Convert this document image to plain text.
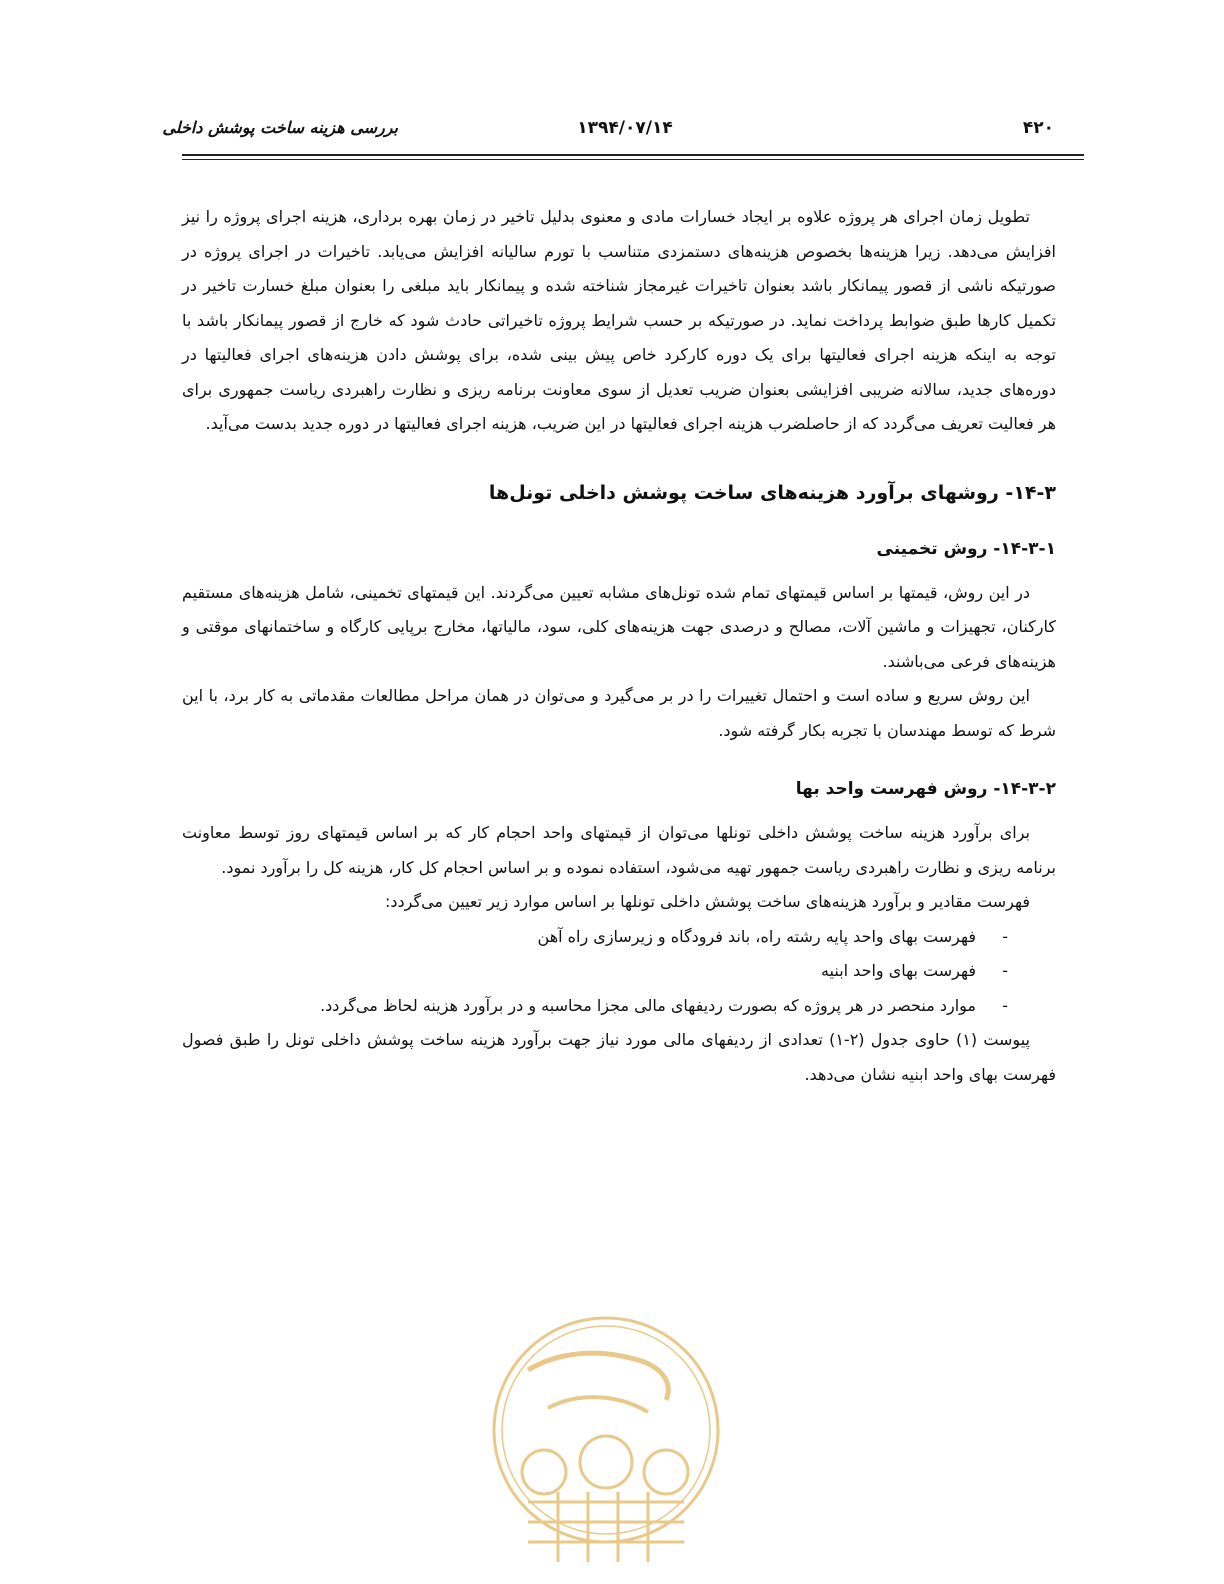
بررسی هزینه ساخت پوشش داخلی	۱۳۹۴/۰۷/۱۴	۴۲۰

تطویل زمان اجرای هر پروژه علاوه بر ایجاد خسارات مادی و معنوی بدلیل تاخیر در زمان بهره برداری، هزینه اجرای پروژه را نیز افزایش می‌دهد. زیرا هزینه‌ها بخصوص هزینه‌های دستمزدی متناسب با تورم سالیانه افزایش می‌یابد. تاخیرات در اجرای پروژه در صورتیکه ناشی از قصور پیمانکار باشد بعنوان تاخیرات غیرمجاز شناخته شده و پیمانکار باید مبلغی را بعنوان مبلغ خسارت تاخیر در تکمیل کارها طبق ضوابط پرداخت نماید. در صورتیکه بر حسب شرایط پروژه تاخیراتی حادث شود که خارج از قصور پیمانکار باشد با توجه به اینکه هزینه اجرای فعالیتها برای یک دوره کارکرد خاص پیش بینی شده، برای پوشش دادن هزینه‌های اجرای فعالیتها در دوره‌های جدید، سالانه ضریبی افزایشی بعنوان ضریب تعدیل از سوی معاونت برنامه ریزی و نظارت راهبردی ریاست جمهوری برای هر فعالیت تعریف می‌گردد که از حاصلضرب هزینه اجرای فعالیتها در این ضریب، هزینه اجرای فعالیتها در دوره جدید بدست می‌آید.

۱۴-۳- روشهای برآورد هزینه‌های ساخت پوشش داخلی تونل‌ها
۱۴-۳-۱- روش تخمینی

در این روش، قیمتها بر اساس قیمتهای تمام شده تونل‌های مشابه تعیین می‌گردند. این قیمتهای تخمینی، شامل هزینه‌های مستقیم کارکنان، تجهیزات و ماشین آلات، مصالح و درصدی جهت هزینه‌های کلی، سود، مالیاتها، مخارج برپایی کارگاه و ساختمانهای موقتی و هزینه‌های فرعی می‌باشند.

این روش سریع و ساده است و احتمال تغییرات را در بر می‌گیرد و می‌توان در همان مراحل مطالعات مقدماتی به کار برد، با این شرط که توسط مهندسان با تجربه بکار گرفته شود.

۱۴-۳-۲- روش فهرست واحد بها

برای برآورد هزینه ساخت پوشش داخلی تونلها می‌توان از قیمتهای واحد احجام کار که بر اساس قیمتهای روز توسط معاونت برنامه ریزی و نظارت راهبردی ریاست جمهور تهیه می‌شود، استفاده نموده و بر اساس احجام کل کار، هزینه کل را برآورد نمود.

فهرست مقادیر و برآورد هزینه‌های ساخت پوشش داخلی تونلها بر اساس موارد زیر تعیین می‌گردد:
-
فهرست بهای واحد پایه رشته راه، باند فرودگاه و زیرسازی راه آهن
-
فهرست بهای واحد ابنیه
-
موارد منحصر در هر پروژه که بصورت ردیفهای مالی مجزا محاسبه و در برآورد هزینه لحاظ می‌گردد.

پیوست (۱) حاوی جدول (۲-۱) تعدادی از ردیفهای مالی مورد نیاز جهت برآورد هزینه ساخت پوشش داخلی تونل را طبق فصول فهرست بهای واحد ابنیه نشان می‌دهد.
